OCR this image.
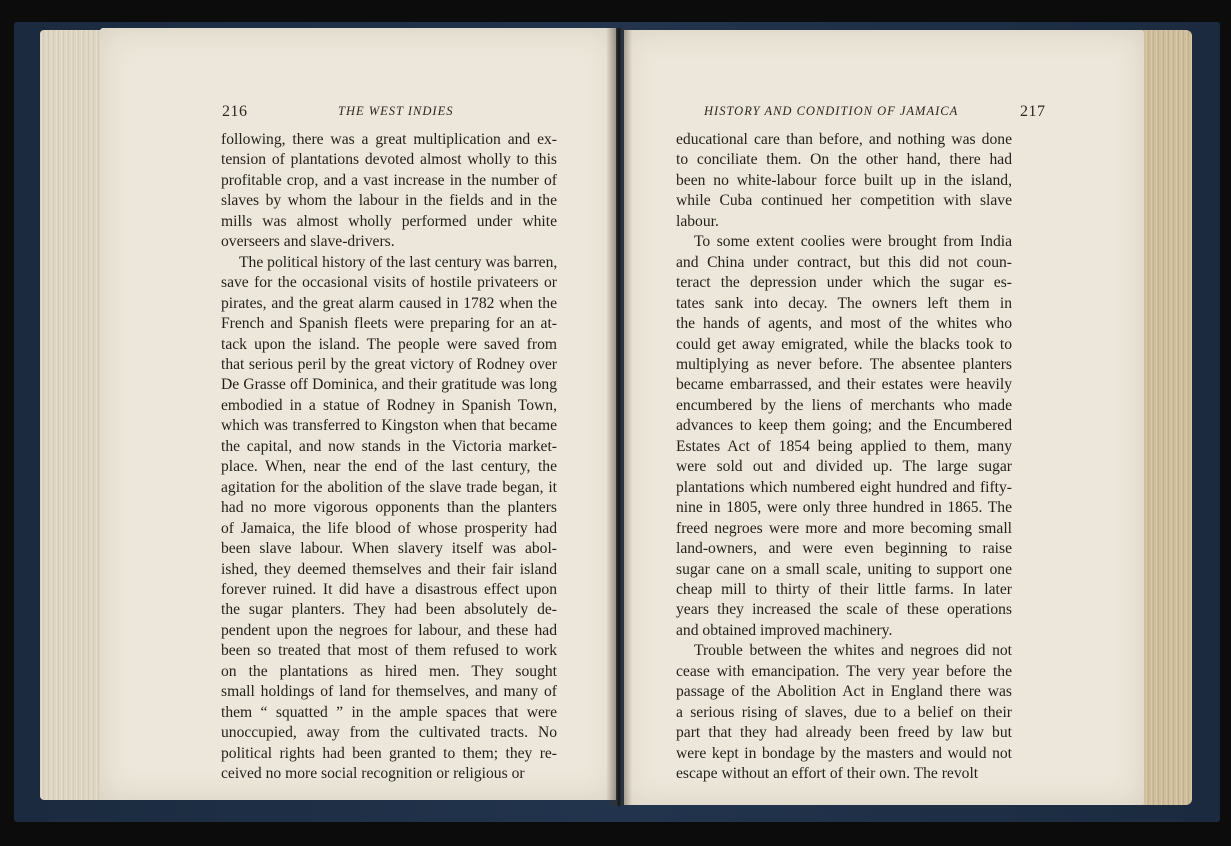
216	THE WEST INDIES	HISTORY AND CONDITION OF JAMAICA	217
following, there was a great multiplication and ex-
tension of plantations devoted almost wholly to this
profitable crop, and a vast increase in the number of
slaves by whom the labour in the fields and in the
mills was almost wholly performed under white
overseers and slave-drivers.
The political history of the last century was barren,
save for the occasional visits of hostile privateers or
pirates, and the great alarm caused in 1782 when the
French and Spanish fleets were preparing for an at-
tack upon the island. The people were saved from
that serious peril by the great victory of Rodney over
De Grasse off Dominica, and their gratitude was long
embodied in a statue of Rodney in Spanish Town,
which was transferred to Kingston when that became
the capital, and now stands in the Victoria market-
place. When, near the end of the last century, the
agitation for the abolition of the slave trade began, it
had no more vigorous opponents than the planters
of Jamaica, the life blood of whose prosperity had
been slave labour. When slavery itself was abol-
ished, they deemed themselves and their fair island
forever ruined. It did have a disastrous effect upon
the sugar planters. They had been absolutely de-
pendent upon the negroes for labour, and these had
been so treated that most of them refused to work
on the plantations as hired men. They sought
small holdings of land for themselves, and many of
them “ squatted ” in the ample spaces that were
unoccupied, away from the cultivated tracts. No
political rights had been granted to them; they re-
ceived no more social recognition or religious or
educational care than before, and nothing was done
to conciliate them. On the other hand, there had
been no white-labour force built up in the island,
while Cuba continued her competition with slave
labour.
To some extent coolies were brought from India
and China under contract, but this did not coun-
teract the depression under which the sugar es-
tates sank into decay. The owners left them in
the hands of agents, and most of the whites who
could get away emigrated, while the blacks took to
multiplying as never before. The absentee planters
became embarrassed, and their estates were heavily
encumbered by the liens of merchants who made
advances to keep them going; and the Encumbered
Estates Act of 1854 being applied to them, many
were sold out and divided up. The large sugar
plantations which numbered eight hundred and fifty-
nine in 1805, were only three hundred in 1865. The
freed negroes were more and more becoming small
land-owners, and were even beginning to raise
sugar cane on a small scale, uniting to support one
cheap mill to thirty of their little farms. In later
years they increased the scale of these operations
and obtained improved machinery.
Trouble between the whites and negroes did not
cease with emancipation. The very year before the
passage of the Abolition Act in England there was
a serious rising of slaves, due to a belief on their
part that they had already been freed by law but
were kept in bondage by the masters and would not
escape without an effort of their own. The revolt
